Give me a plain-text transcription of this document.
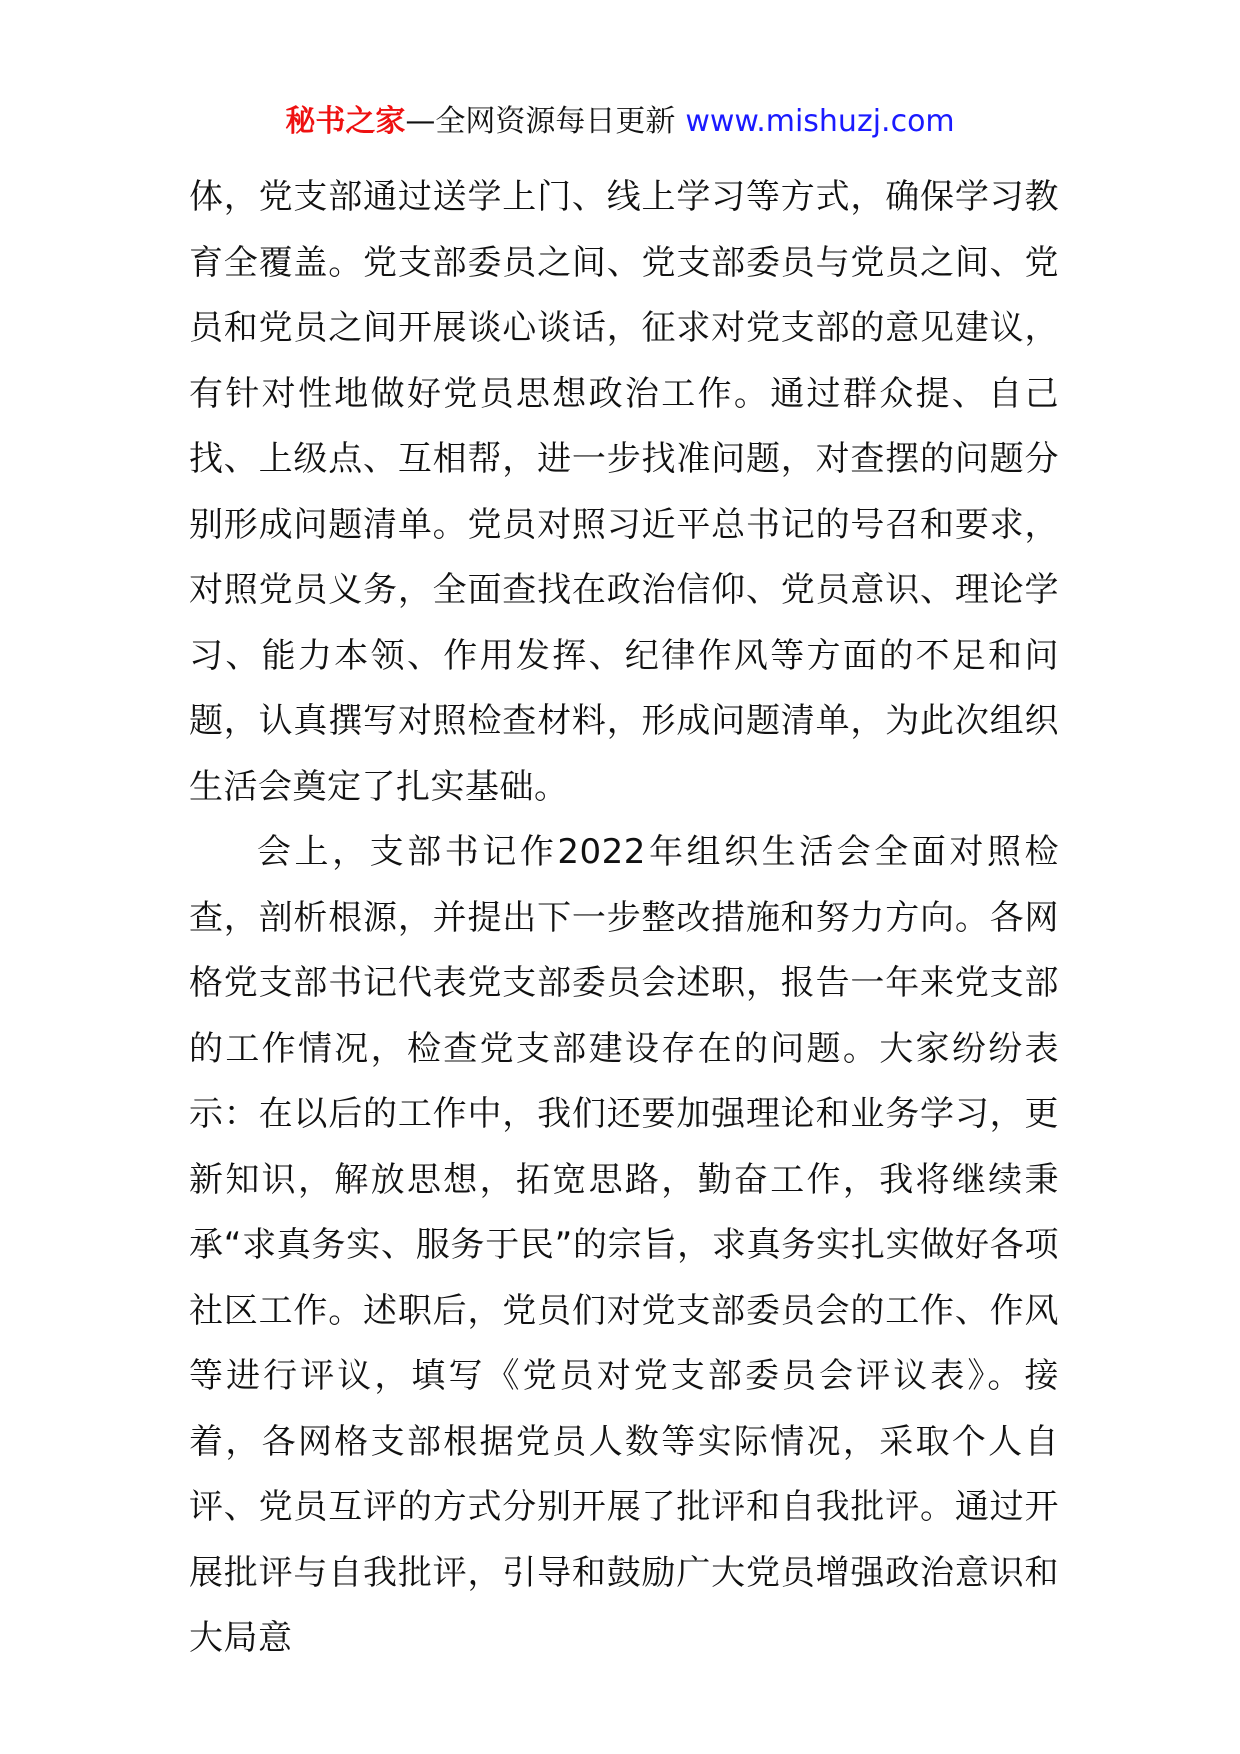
秘书之家—全网资源每日更新 www.mishuzj.com

体，党支部通过送学上门、线上学习等方式，确保学习教育全覆盖。党支部委员之间、党支部委员与党员之间、党员和党员之间开展谈心谈话，征求对党支部的意见建议，有针对性地做好党员思想政治工作。通过群众提、自己找、上级点、互相帮，进一步找准问题，对查摆的问题分别形成问题清单。党员对照习近平总书记的号召和要求，对照党员义务，全面查找在政治信仰、党员意识、理论学习、能力本领、作用发挥、纪律作风等方面的不足和问题，认真撰写对照检查材料，形成问题清单，为此次组织生活会奠定了扎实基础。

会上，支部书记作2022年组织生活会全面对照检查，剖析根源，并提出下一步整改措施和努力方向。各网格党支部书记代表党支部委员会述职，报告一年来党支部的工作情况，检查党支部建设存在的问题。大家纷纷表示：在以后的工作中，我们还要加强理论和业务学习，更新知识，解放思想，拓宽思路，勤奋工作，我将继续秉承“求真务实、服务于民”的宗旨，求真务实扎实做好各项社区工作。述职后，党员们对党支部委员会的工作、作风等进行评议，填写《党员对党支部委员会评议表》。接着，各网格支部根据党员人数等实际情况，采取个人自评、党员互评的方式分别开展了批评和自我批评。通过开展批评与自我批评，引导和鼓励广大党员增强政治意识和大局意
